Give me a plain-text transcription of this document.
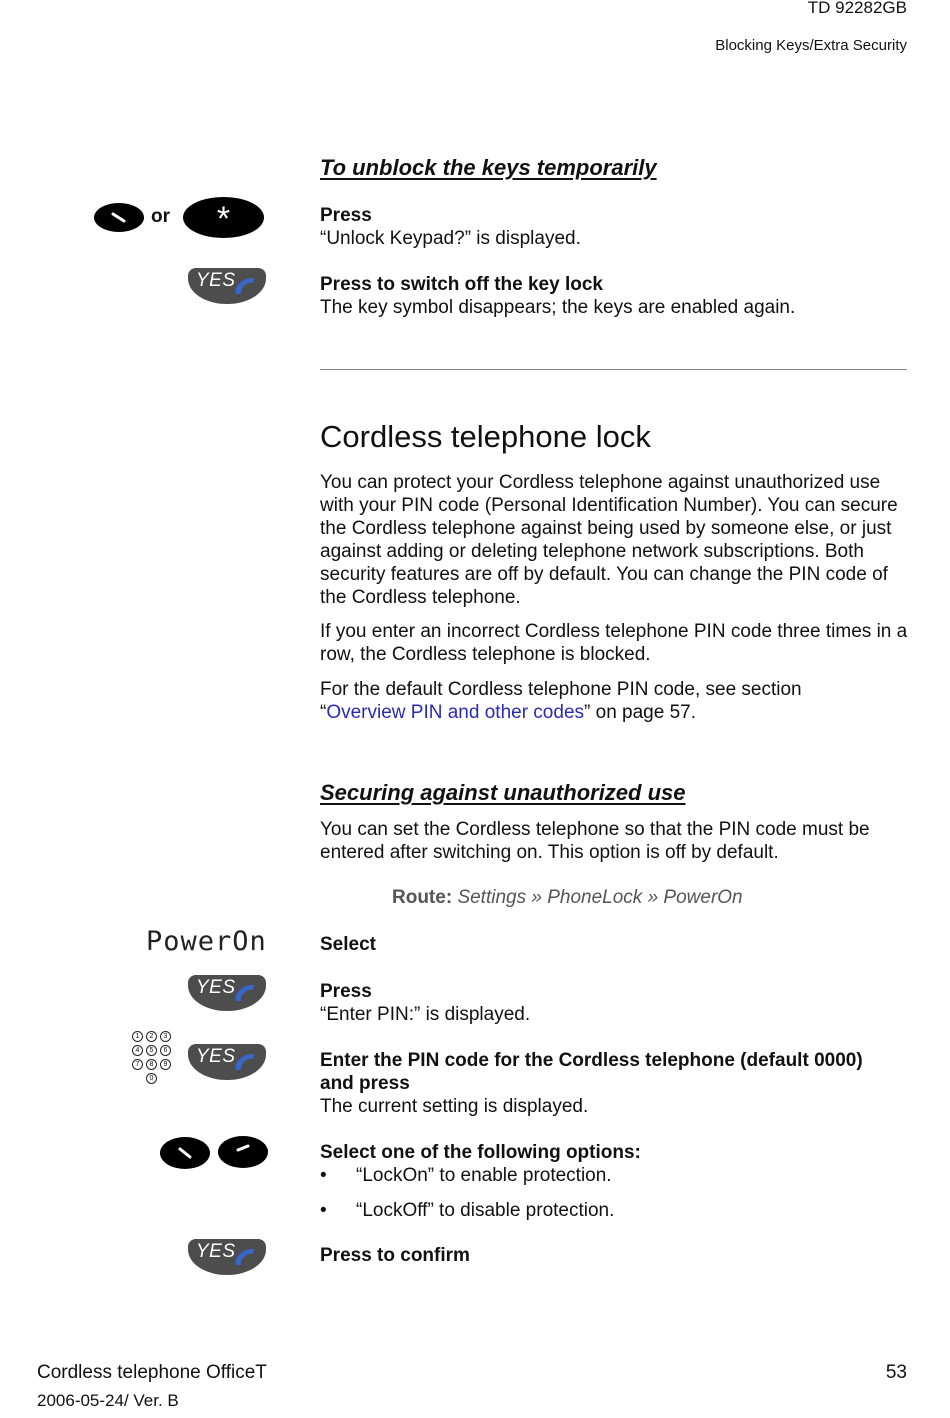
TD 92282GB
Blocking Keys/Extra Security
To unblock the keys temporarily
or	*	Press
“Unlock Keypad?” is displayed.
YES	Press to switch off the key lock
The key symbol disappears; the keys are enabled again.
Cordless telephone lock
You can protect your Cordless telephone against unauthorized use with your PIN code (Personal Identification Number). You can secure the Cordless telephone against being used by someone else, or just against adding or deleting telephone network subscriptions. Both security features are off by default. You can change the PIN code of the Cordless telephone.
If you enter an incorrect Cordless telephone PIN code three times in a row, the Cordless telephone is blocked.
For the default Cordless telephone PIN code, see section
“Overview PIN and other codes” on page 57.
Securing against unauthorized use
You can set the Cordless telephone so that the PIN code must be entered after switching on. This option is off by default.
Route: Settings » PhoneLock » PowerOn
PowerOn	Select
YES	Press
“Enter PIN:” is displayed.
1	2	3
4	5	6
7	8	9
0
YES	Enter the PIN code for the Cordless telephone (default 0000)
and press
The current setting is displayed.
Select one of the following options:
• “LockOn” to enable protection.
• “LockOff” to disable protection.
YES	Press to confirm
Cordless telephone OfficeT
2006-05-24/ Ver. B
53
